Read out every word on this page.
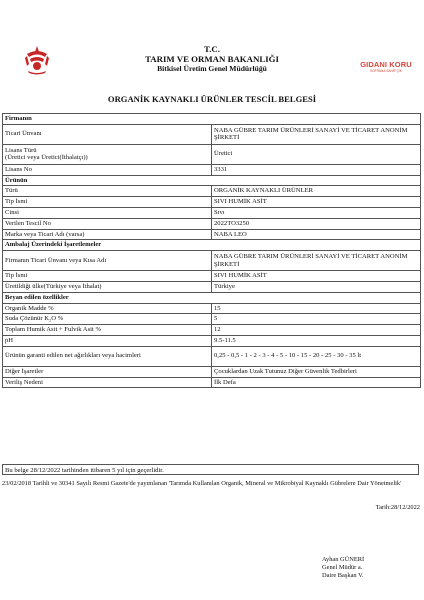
GIDANI KORU
SOFRANA SAHİP ÇIK
T.C.
TARIM VE ORMAN BAKANLIĞI
Bitkisel Üretim Genel Müdürlüğü
ORGANİK KAYNAKLI ÜRÜNLER TESCİL BELGESİ
Firmanın	
Ticari Ünvanı	NABA GÜBRE TARIM ÜRÜNLERİ SANAYİ VE TİCARET ANONİM ŞİRKETİ
Lisans Türü
(Üretici veya Üretici(İthalatçı))	Üretici
Lisans No	3331
Ürünün	
Türü	ORGANİK KAYNAKLI ÜRÜNLER
Tip İsmi	SIVI HUMİK ASİT
Cinsi	Sıvı
Verilen Tescil No	2022TO3250
Marka veya Ticari Adı (varsa)	NABA LEO
Ambalaj Üzerindeki İşaretlemeler	
Firmanın Ticari Ünvanı veya Kısa Adı	NABA GÜBRE TARIM ÜRÜNLERİ SANAYİ VE TİCARET ANONİM ŞİRKETİ
Tip İsmi	SIVI HUMİK ASİT
Üretildiği ülke(Türkiye veya İthalat)	Türkiye
Beyan edilen özellikler	
Organik Madde %	15
Suda Çözünür K₂O %	5
Toplam Humik Asit + Fulvik Asit %	12
pH	9.5-11.5
Ürünün garanti edilen net ağırlıkları veya hacimleri	0,25 - 0,5 - 1 - 2 - 3 - 4 - 5 - 10 - 15 - 20 - 25 - 30 - 35 lt
Diğer İşaretler	Çocuklardan Uzak Tutunuz Diğer Güvenlik Tedbirleri
Veriliş Nedeni	İlk Defa
Bu belge 28/12/2022 tarihinden itibaren 5 yıl için geçerlidir.
23/02/2018 Tarihli ve 30341 Sayılı Resmi Gazete'de yayımlanan 'Tarımda Kullanılan Organik, Mineral ve Mikrobiyal Kaynaklı Gübrelere Dair Yönetmelik'
Tarih:28/12/2022
Ayhan GÜNERİ
Genel Müdür a.
Daire Başkan V.
